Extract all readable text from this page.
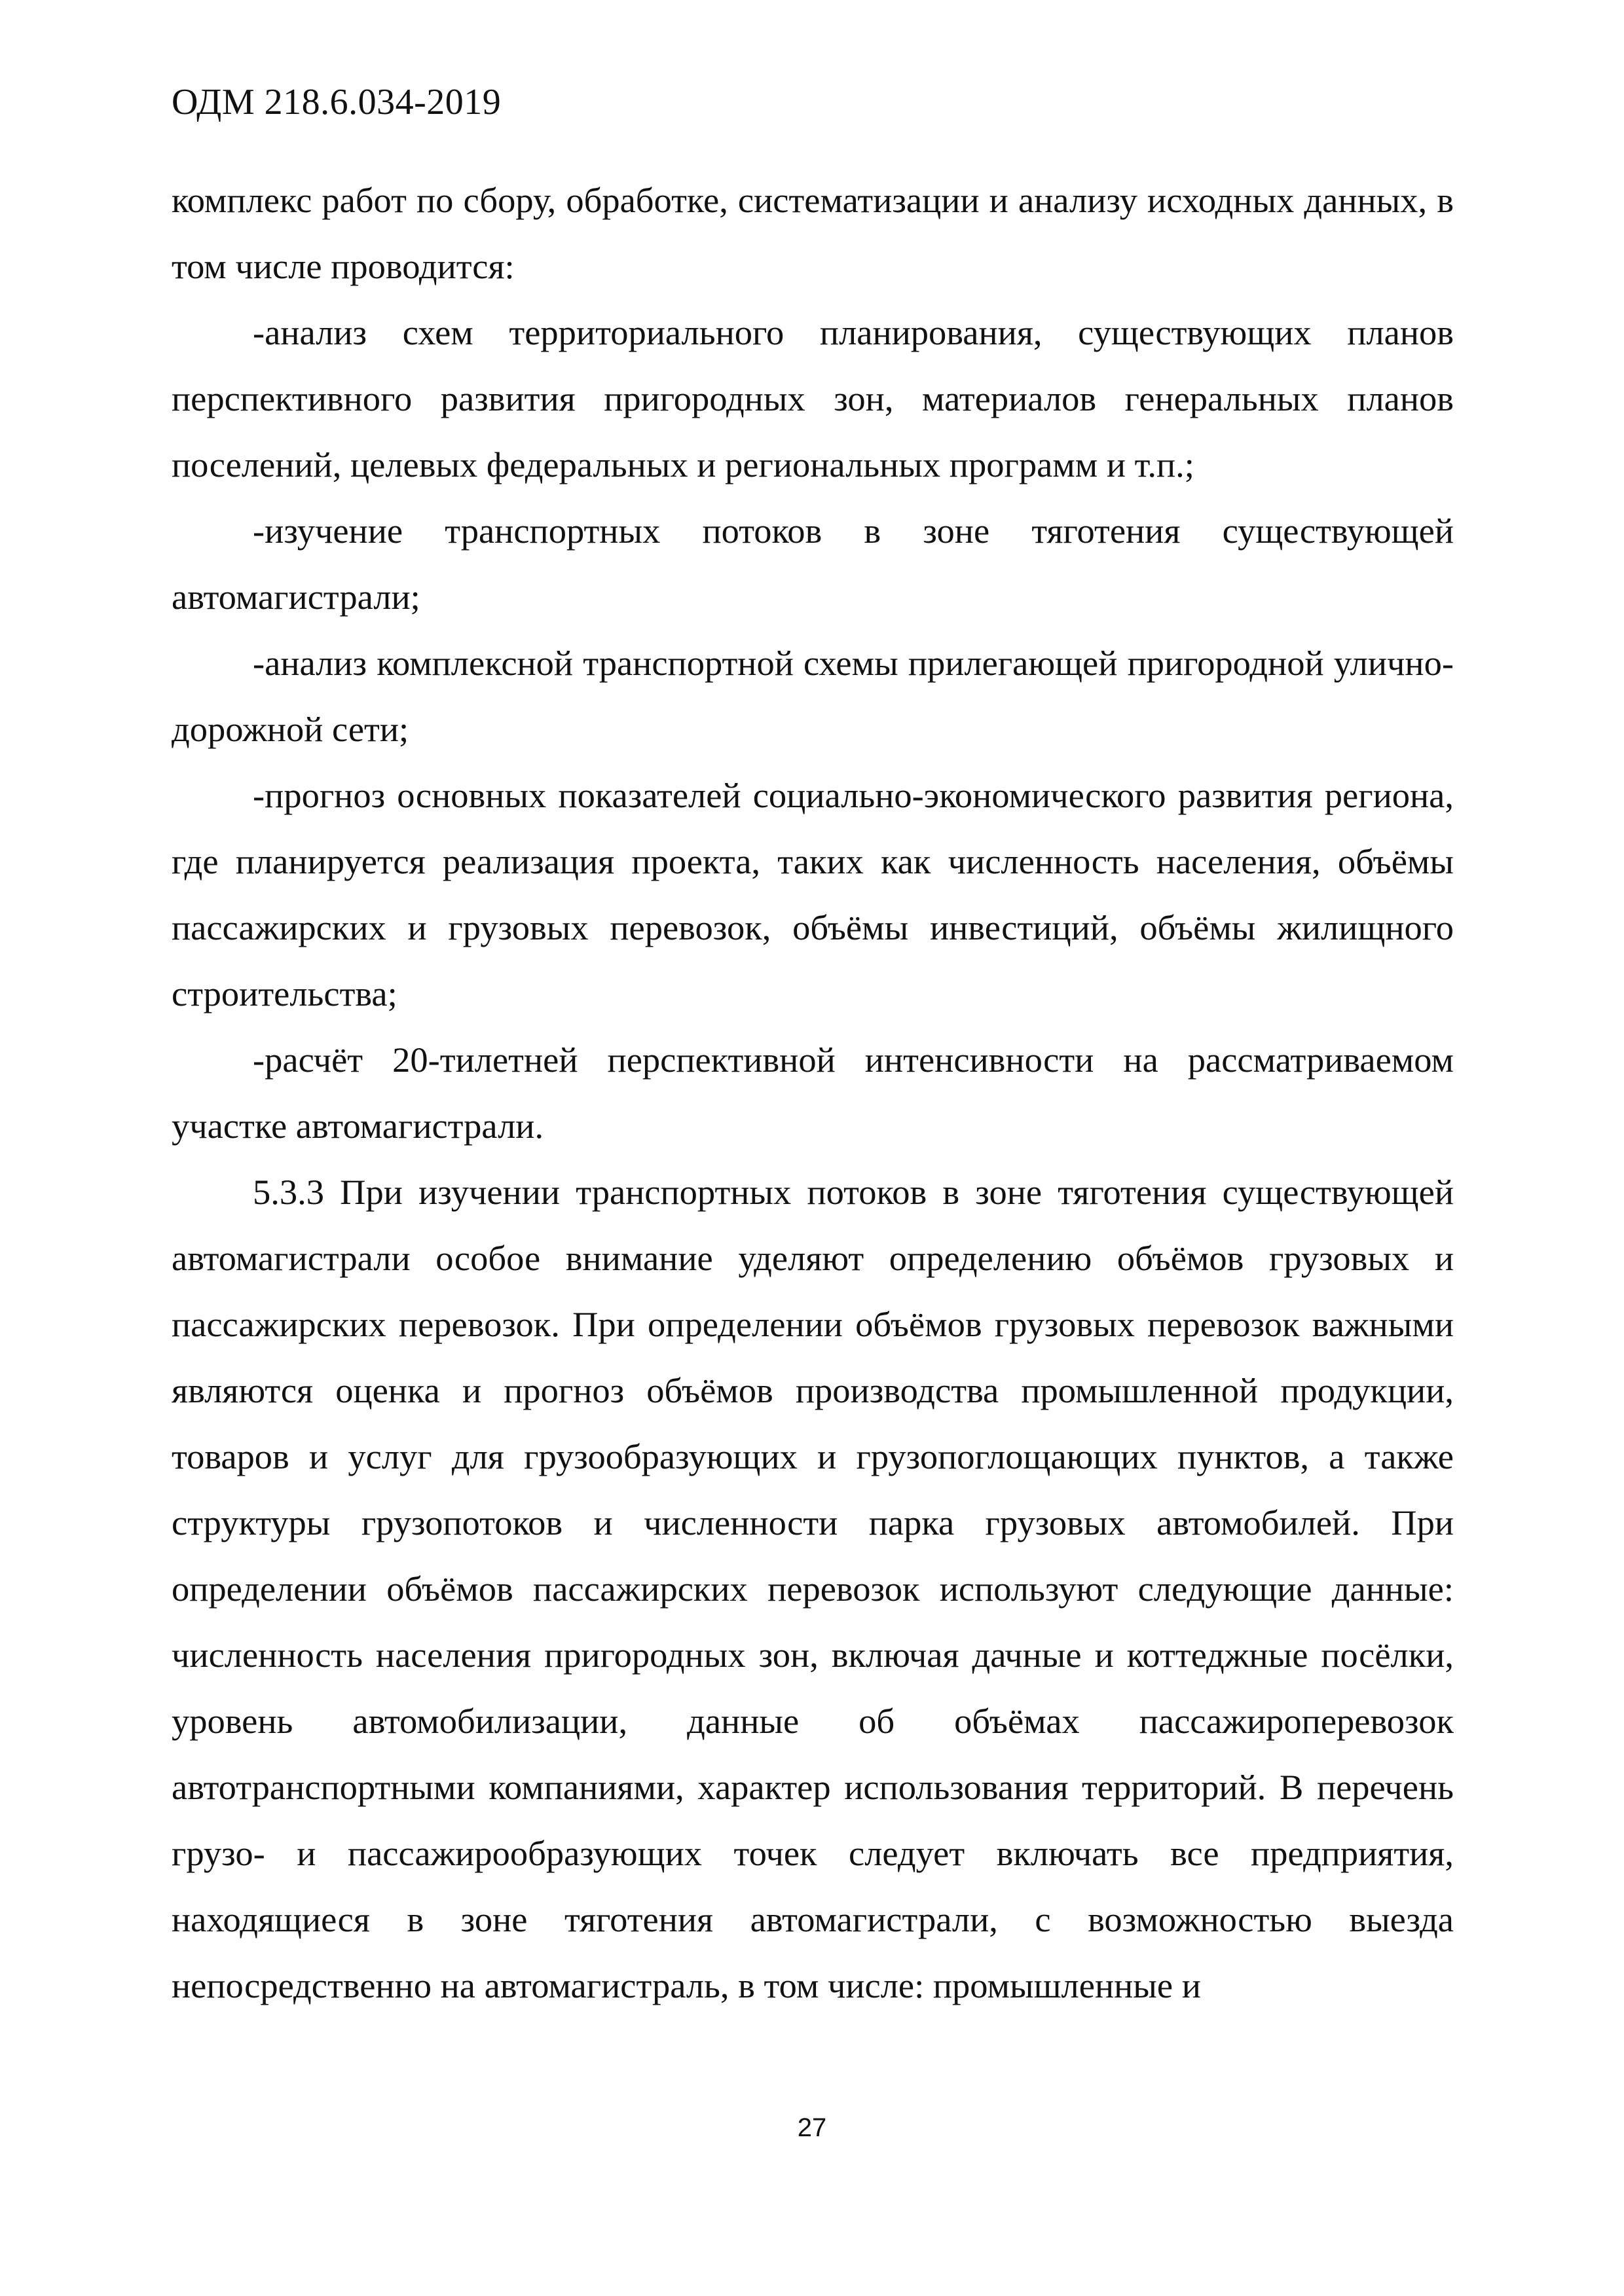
ОДМ 218.6.034-2019

комплекс работ по сбору, обработке, систематизации и анализу исходных данных, в том числе проводится:

-анализ схем территориального планирования, существующих планов перспективного развития пригородных зон, материалов генеральных планов поселений, целевых федеральных и региональных программ и т.п.;

-изучение транспортных потоков в зоне тяготения существующей автомагистрали;

-анализ комплексной транспортной схемы прилегающей пригородной улично-дорожной сети;

-прогноз основных показателей социально-экономического развития региона, где планируется реализация проекта, таких как численность населения, объёмы пассажирских и грузовых перевозок, объёмы инвестиций, объёмы жилищного строительства;

-расчёт 20-тилетней перспективной интенсивности на рассматриваемом участке автомагистрали.

5.3.3 При изучении транспортных потоков в зоне тяготения существующей автомагистрали особое внимание уделяют определению объёмов грузовых и пассажирских перевозок. При определении объёмов грузовых перевозок важными являются оценка и прогноз объёмов производства промышленной продукции, товаров и услуг для грузообразующих и грузопоглощающих пунктов, а также структуры грузопотоков и численности парка грузовых автомобилей. При определении объёмов пассажирских перевозок используют следующие данные: численность населения пригородных зон, включая дачные и коттеджные посёлки, уровень автомобилизации, данные об объёмах пассажироперевозок автотранспортными компаниями, характер использования территорий. В перечень грузо- и пассажирообразующих точек следует включать все предприятия, находящиеся в зоне тяготения автомагистрали, с возможностью выезда непосредственно на автомагистраль, в том числе: промышленные и

27
